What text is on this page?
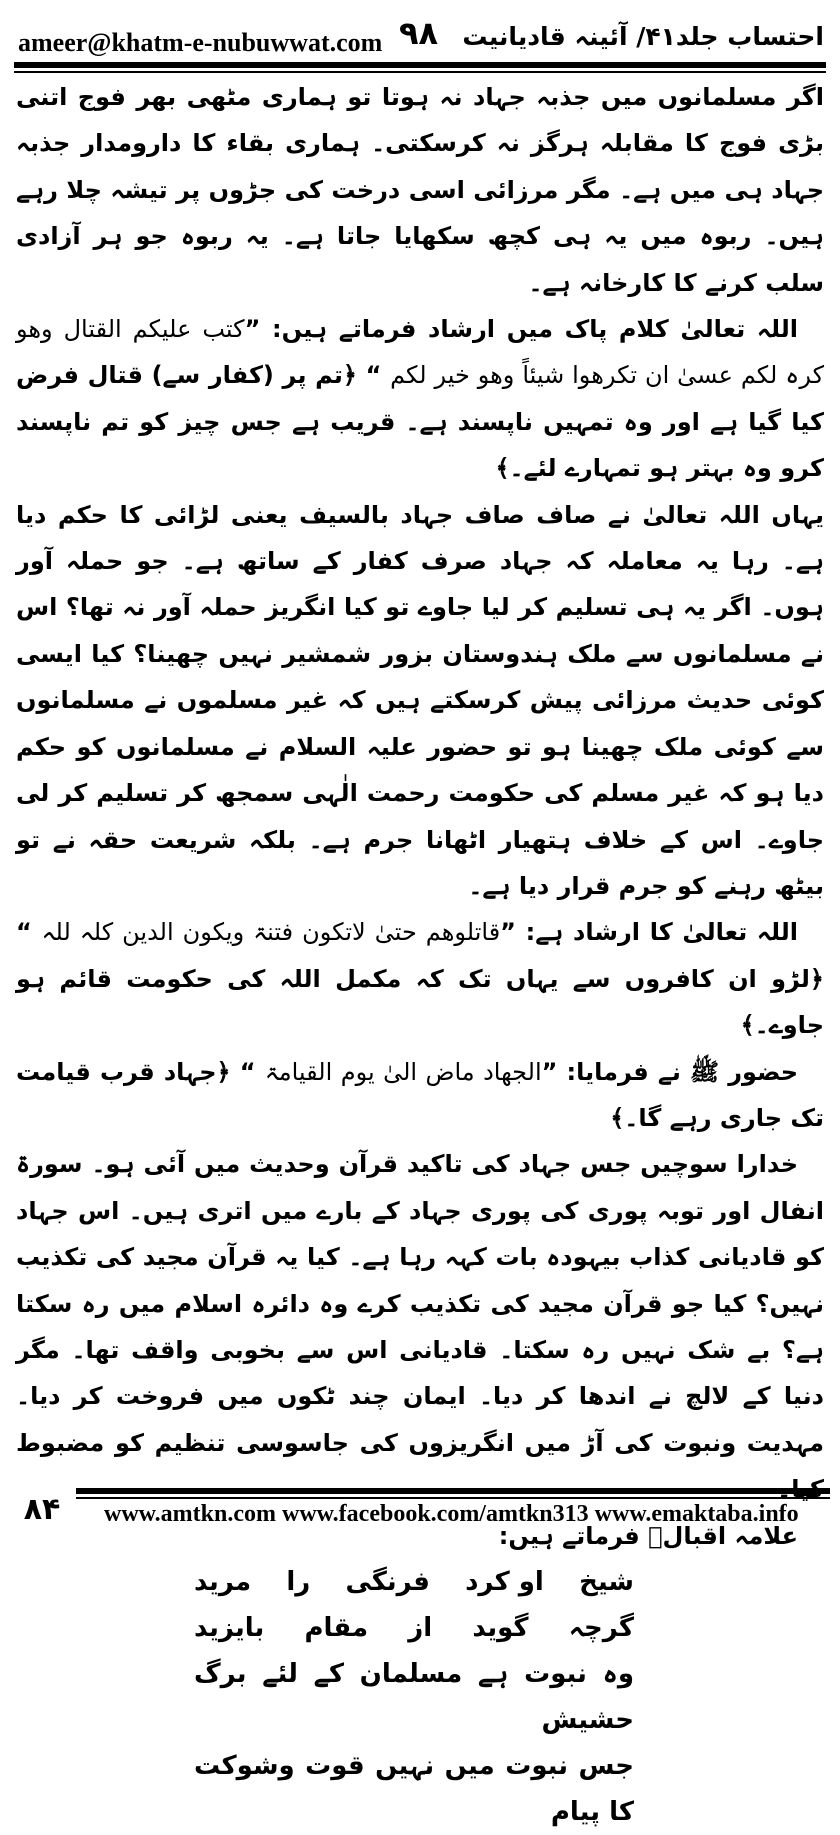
ameer@khatm-e-nubuwwat.com ۹۸ احتساب جلد۴۱/ آئینہ قادیانیت

اگر مسلمانوں میں جذبہ جہاد نہ ہوتا تو ہماری مٹھی بھر فوج اتنی بڑی فوج کا مقابلہ ہرگز نہ کرسکتی۔ ہماری بقاء کا دارومدار جذبہ جہاد ہی میں ہے۔ مگر مرزائی اسی درخت کی جڑوں پر تیشہ چلا رہے ہیں۔ ربوہ میں یہ ہی کچھ سکھایا جاتا ہے۔ یہ ربوہ جو ہر آزادی سلب کرنے کا کارخانہ ہے۔

اللہ تعالیٰ کلام پاک میں ارشاد فرماتے ہیں: ”کتب علیکم القتال وھو کرہ لکم عسیٰ ان تکرھوا شیئاً وھو خیر لکم “ ﴿تم پر (کفار سے) قتال فرض کیا گیا ہے اور وہ تمہیں ناپسند ہے۔ قریب ہے جس چیز کو تم ناپسند کرو وہ بہتر ہو تمہارے لئے۔﴾

یہاں اللہ تعالیٰ نے صاف صاف جہاد بالسیف یعنی لڑائی کا حکم دیا ہے۔ رہا یہ معاملہ کہ جہاد صرف کفار کے ساتھ ہے۔ جو حملہ آور ہوں۔ اگر یہ ہی تسلیم کر لیا جاوے تو کیا انگریز حملہ آور نہ تھا؟ اس نے مسلمانوں سے ملک ہندوستان بزور شمشیر نہیں چھینا؟ کیا ایسی کوئی حدیث مرزائی پیش کرسکتے ہیں کہ غیر مسلموں نے مسلمانوں سے کوئی ملک چھینا ہو تو حضور علیہ السلام نے مسلمانوں کو حکم دیا ہو کہ غیر مسلم کی حکومت رحمت الٰہی سمجھ کر تسلیم کر لی جاوے۔ اس کے خلاف ہتھیار اٹھانا جرم ہے۔ بلکہ شریعت حقہ نے تو بیٹھ رہنے کو جرم قرار دیا ہے۔

اللہ تعالیٰ کا ارشاد ہے: ”قاتلوھم حتیٰ لاتکون فتنۃ ویکون الدین کلہ للہ “ ﴿لڑو ان کافروں سے یہاں تک کہ مکمل اللہ کی حکومت قائم ہو جاوے۔﴾

حضور ﷺ نے فرمایا: ”الجھاد ماض الیٰ یوم القیامۃ “ ﴿جہاد قرب قیامت تک جاری رہے گا۔﴾

خدارا سوچیں جس جہاد کی تاکید قرآن وحدیث میں آئی ہو۔ سورۃ انفال اور توبہ پوری کی پوری جہاد کے بارے میں اتری ہیں۔ اس جہاد کو قادیانی کذاب بیہودہ بات کہہ رہا ہے۔ کیا یہ قرآن مجید کی تکذیب نہیں؟ کیا جو قرآن مجید کی تکذیب کرے وہ دائرہ اسلام میں رہ سکتا ہے؟ بے شک نہیں رہ سکتا۔ قادیانی اس سے بخوبی واقف تھا۔ مگر دنیا کے لالچ نے اندھا کر دیا۔ ایمان چند ٹکوں میں فروخت کر دیا۔ مہدیت ونبوت کی آڑ میں انگریزوں کی جاسوسی تنظیم کو مضبوط

علامہ اقبالؒ فرماتے ہیں:

شیخ
او کرد
فرنگی
را
مرید
گرچہ
گوید
از
مقام
بایزید
وہ نبوت ہے مسلمان کے لئے برگ حشیش
جس نبوت میں نہیں قوت وشوکت کا پیام
۸۴	www.amtkn.com www.facebook.com/amtkn313 www.emaktaba.info
